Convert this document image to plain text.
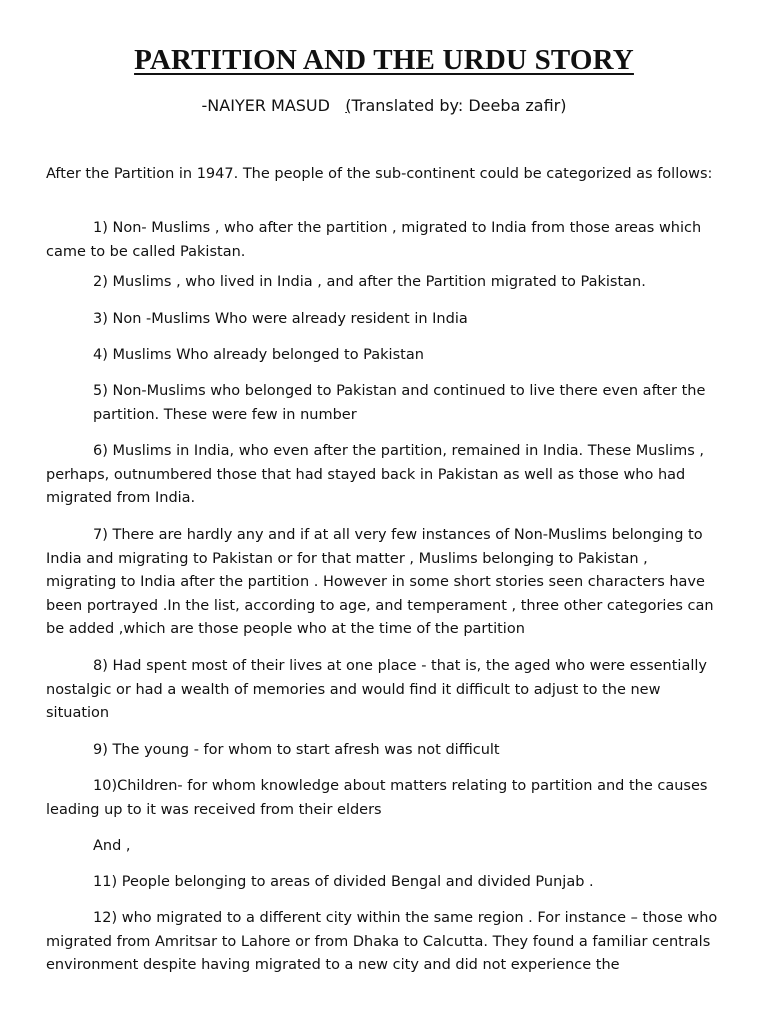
PARTITION AND THE URDU STORY
-NAIYER MASUD (Translated by: Deeba zafir)

After the Partition in 1947. The people of the sub-continent could be categorized as follows:

1) Non- Muslims , who after the partition , migrated to India from those areas which came to be called Pakistan.

2) Muslims , who lived in India , and after the Partition migrated to Pakistan.

3) Non -Muslims Who were already resident in India

4) Muslims Who already belonged to Pakistan

5) Non-Muslims who belonged to Pakistan and continued to live there even after the partition. These were few in number

6) Muslims in India, who even after the partition, remained in India. These Muslims , perhaps, outnumbered those that had stayed back in Pakistan as well as those who had migrated from India.

7) There are hardly any and if at all very few instances of Non-Muslims belonging to India and migrating to Pakistan or for that matter , Muslims belonging to Pakistan , migrating to India after the partition . However in some short stories seen characters have been portrayed .In the list, according to age, and temperament , three other categories can be added ,which are those people who at the time of the partition

8) Had spent most of their lives at one place - that is, the aged who were essentially nostalgic or had a wealth of memories and would find it difficult to adjust to the new situation

9) The young - for whom to start afresh was not difficult

10)Children- for whom knowledge about matters relating to partition and the causes leading up to it was received from their elders

And ,

11) People belonging to areas of divided Bengal and divided Punjab .

12) who migrated to a different city within the same region . For instance – those who migrated from Amritsar to Lahore or from Dhaka to Calcutta. They found a familiar centrals environment despite having migrated to a new city and did not experience the
